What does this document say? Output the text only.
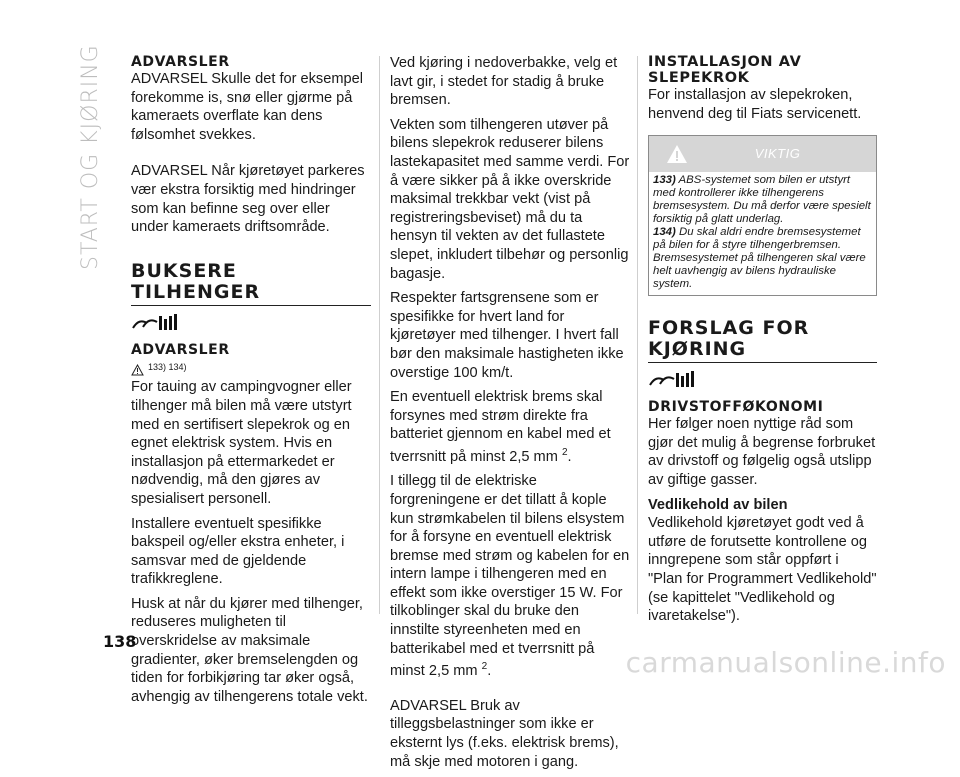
START OG KJØRING	ADVARSLER

ADVARSEL Skulle det for eksempel forekomme is, snø eller gjørme på kameraets overflate kan dens følsomhet svekkes.

ADVARSEL Når kjøretøyet parkeres vær ekstra forsiktig med hindringer som kan befinne seg over eller under kameraets driftsområde.

BUKSERE
TILHENGER
ADVARSLER
133) 134)

For tauing av campingvogner eller tilhenger må bilen må være utstyrt med en sertifisert slepekrok og en egnet elektrisk system. Hvis en installasjon på ettermarkedet er nødvendig, må den gjøres av spesialisert personell.

Installere eventuelt spesifikke bakspeil og/eller ekstra enheter, i samsvar med de gjeldende trafikkreglene.

Husk at når du kjører med tilhenger, reduseres muligheten til overskridelse av maksimale gradienter, øker bremselengden og tiden for forbikjøring tar øker også, avhengig av tilhengerens totale vekt.

Ved kjøring i nedoverbakke, velg et lavt gir, i stedet for stadig å bruke bremsen.

Vekten som tilhengeren utøver på bilens slepekrok reduserer bilens lastekapasitet med samme verdi. For å være sikker på å ikke overskride maksimal trekkbar vekt (vist på registreringsbeviset) må du ta hensyn til vekten av det fullastete slepet, inkludert tilbehør og personlig bagasje.

Respekter fartsgrensene som er spesifikke for hvert land for kjøretøyer med tilhenger. I hvert fall bør den maksimale hastigheten ikke overstige 100 km/t.

En eventuell elektrisk brems skal forsynes med strøm direkte fra batteriet gjennom en kabel med et tverrsnitt på minst 2,5 mm $^2$.

I tillegg til de elektriske forgreningene er det tillatt å kople kun strømkabelen til bilens elsystem for å forsyne en eventuell elektrisk bremse med strøm og kabelen for en intern lampe i tilhengeren med en effekt som ikke overstiger 15 W. For tilkoblinger skal du bruke den innstilte styreenheten med en batterikabel med et tverrsnitt på minst 2,5 mm $^2$.

ADVARSEL Bruk av tilleggsbelastninger som ikke er eksternt lys (f.eks. elektrisk brems), må skje med motoren i gang.

INSTALLASJON AV
SLEPEKROK

For installasjon av slepekroken, henvend deg til Fiats servicenett.

VIKTIG

133) ABS-systemet som bilen er utstyrt med kontrollerer ikke tilhengerens bremsesystem. Du må derfor være spesielt forsiktig på glatt underlag.

134) Du skal aldri endre bremsesystemet på bilen for å styre tilhengerbremsen. Bremsesystemet på tilhengeren skal være helt uavhengig av bilens hydrauliske system.

FORSLAG FOR
KJØRING
DRIVSTOFFØKONOMI

Her følger noen nyttige råd som gjør det mulig å begrense forbruket av drivstoff og følgelig også utslipp av giftige gasser.

Vedlikehold av bilen

Vedlikehold kjøretøyet godt ved å utføre de forutsette kontrollene og inngrepene som står oppført i "Plan for Programmert Vedlikehold" (se kapittelet "Vedlikehold og ivaretakelse").

138
carmanualsonline.info
